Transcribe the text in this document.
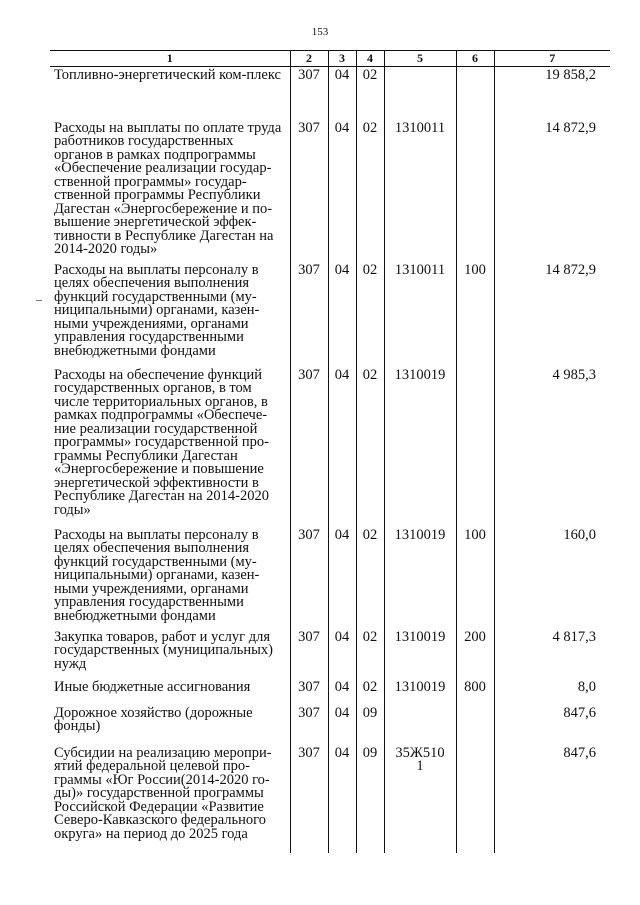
153
1	2	3	4	5	6	7
Топливно-энергетический ком-плекс	307	04	02			19 858,2
Расходы на выплаты по оплате труда работников государственных органов в рамках подпрограммы «Обеспечение реализации государ-ственной программы» государ-ственной программы Республики Дагестан «Энергосбережение и по-вышение энергетической эффек-тивности в Республике Дагестан на 2014-2020 годы»	307	04	02	1310011		14 872,9
Расходы на выплаты персоналу в целях обеспечения выполнения функций государственными (му-ниципальными) органами, казен-ными учреждениями, органами управления государственными внебюджетными фондами	307	04	02	1310011	100	14 872,9
Расходы на обеспечение функций государственных органов, в том числе территориальных органов, в рамках подпрограммы «Обеспече-ние реализации государственной программы» государственной про-граммы Республики Дагестан «Энергосбережение и повышение энергетической эффективности в Республике Дагестан на 2014-2020 годы»	307	04	02	1310019		4 985,3
Расходы на выплаты персоналу в целях обеспечения выполнения функций государственными (му-ниципальными) органами, казен-ными учреждениями, органами управления государственными внебюджетными фондами	307	04	02	1310019	100	160,0
Закупка товаров, работ и услуг для государственных (муниципальных) нужд	307	04	02	1310019	200	4 817,3
Иные бюджетные ассигнования	307	04	02	1310019	800	8,0
Дорожное хозяйство (дорожные фонды)	307	04	09			847,6
Субсидии на реализацию меропри-ятий федеральной целевой про-граммы «Юг России(2014-2020 го-ды)» государственной программы Российской Федерации «Развитие Северо-Кавказского федерального округа» на период до 2025 года	307	04	09	35Ж5101		847,6
